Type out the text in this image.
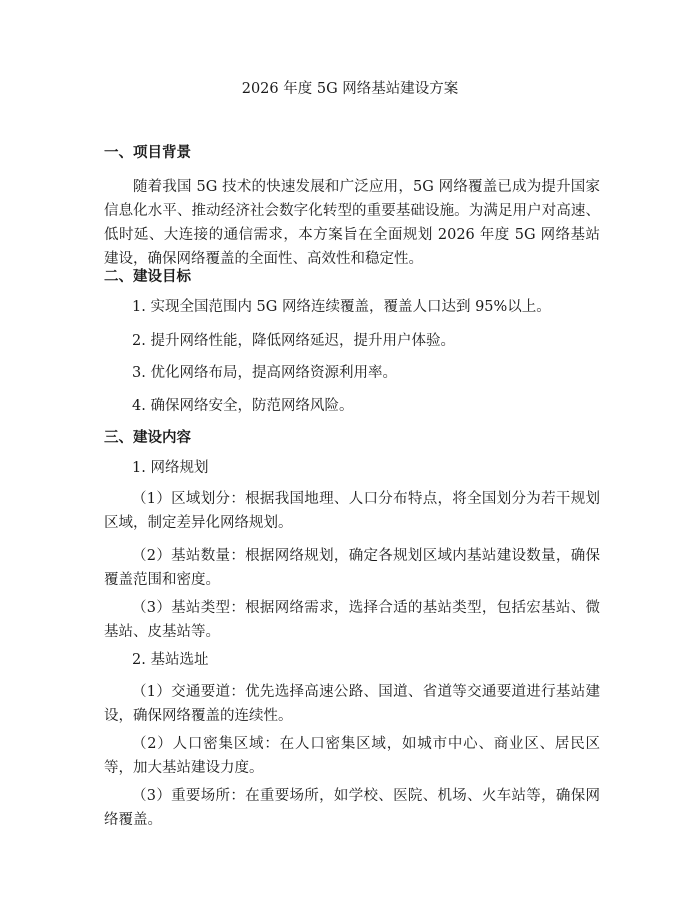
2026 年度 5G 网络基站建设方案
一、项目背景
随着我国 5G 技术的快速发展和广泛应用，5G 网络覆盖已成为提升国家信息化水平、推动经济社会数字化转型的重要基础设施。为满足用户对高速、低时延、大连接的通信需求，本方案旨在全面规划 2026 年度 5G 网络基站建设，确保网络覆盖的全面性、高效性和稳定性。
二、建设目标
1. 实现全国范围内 5G 网络连续覆盖，覆盖人口达到 95%以上。
2. 提升网络性能，降低网络延迟，提升用户体验。
3. 优化网络布局，提高网络资源利用率。
4. 确保网络安全，防范网络风险。
三、建设内容
1. 网络规划
（1）区域划分：根据我国地理、人口分布特点，将全国划分为若干规划区域，制定差异化网络规划。
（2）基站数量：根据网络规划，确定各规划区域内基站建设数量，确保覆盖范围和密度。
（3）基站类型：根据网络需求，选择合适的基站类型，包括宏基站、微基站、皮基站等。
2. 基站选址
（1）交通要道：优先选择高速公路、国道、省道等交通要道进行基站建设，确保网络覆盖的连续性。
（2）人口密集区域：在人口密集区域，如城市中心、商业区、居民区等，加大基站建设力度。
（3）重要场所：在重要场所，如学校、医院、机场、火车站等，确保网络覆盖。
